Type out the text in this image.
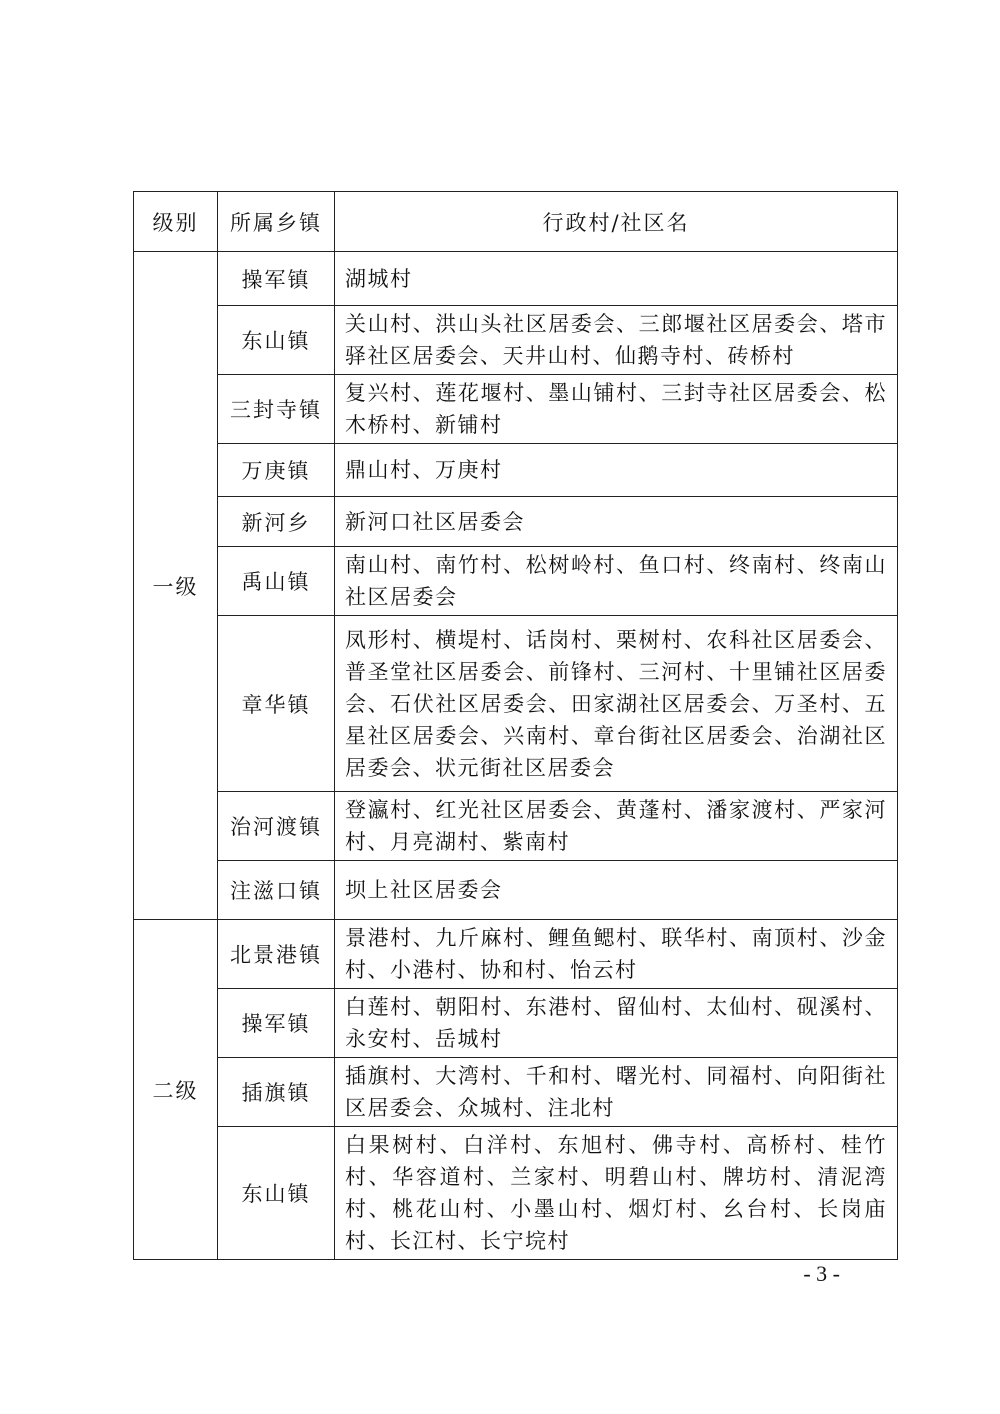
级别	所属乡镇	行政村/社区名
一级	操军镇	湖城村
	东山镇	关山村、洪山头社区居委会、三郎堰社区居委会、塔市驿社区居委会、天井山村、仙鹅寺村、砖桥村
	三封寺镇	复兴村、莲花堰村、墨山铺村、三封寺社区居委会、松木桥村、新铺村
	万庚镇	鼎山村、万庚村
	新河乡	新河口社区居委会
	禹山镇	南山村、南竹村、松树岭村、鱼口村、终南村、终南山社区居委会
	章华镇	凤形村、横堤村、话岗村、栗树村、农科社区居委会、普圣堂社区居委会、前锋村、三河村、十里铺社区居委会、石伏社区居委会、田家湖社区居委会、万圣村、五星社区居委会、兴南村、章台街社区居委会、治湖社区居委会、状元街社区居委会
	治河渡镇	登瀛村、红光社区居委会、黄蓬村、潘家渡村、严家河村、月亮湖村、紫南村
	注滋口镇	坝上社区居委会
二级	北景港镇	景港村、九斤麻村、鲤鱼鳃村、联华村、南顶村、沙金村、小港村、协和村、怡云村
	操军镇	白莲村、朝阳村、东港村、留仙村、太仙村、砚溪村、永安村、岳城村
	插旗镇	插旗村、大湾村、千和村、曙光村、同福村、向阳街社区居委会、众城村、注北村
	东山镇	白果树村、白洋村、东旭村、佛寺村、高桥村、桂竹村、华容道村、兰家村、明碧山村、牌坊村、清泥湾村、桃花山村、小墨山村、烟灯村、幺台村、长岗庙村、长江村、长宁垸村
- 3 -
